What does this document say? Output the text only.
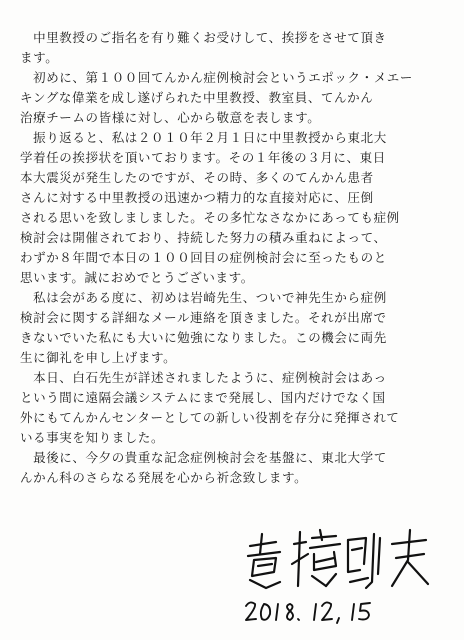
　中里教授のご指名を有り難くお受けして、挨拶をさせて頂き
ます。
　初めに、第１００回てんかん症例検討会というエポック・メエー
キングな偉業を成し遂げられた中里教授、教室員、てんかん
治療チームの皆様に対し、心から敬意を表します。
　振り返ると、私は２０１０年２月１日に中里教授から東北大
学着任の挨拶状を頂いております。その１年後の３月に、東日
本大震災が発生したのですが、その時、多くのてんかん患者
さんに対する中里教授の迅速かつ精力的な直接対応に、圧倒
される思いを致しましました。その多忙なさなかにあっても症例
検討会は開催されており、持続した努力の積み重ねによって、
わずか８年間で本日の１００回目の症例検討会に至ったものと
思います。誠におめでとうございます。
　私は会がある度に、初めは岩崎先生、ついで神先生から症例
検討会に関する詳細なメール連絡を頂きました。それが出席で
きないでいた私にも大いに勉強になりました。この機会に両先
生に御礼を申し上げます。
　本日、白石先生が詳述されましたように、症例検討会はあっ
という間に遠隔会議システムにまで発展し、国内だけでなく国
外にもてんかんセンターとしての新しい役割を存分に発揮されて
いる事実を知りました。
　最後に、今夕の貴重な記念症例検討会を基盤に、東北大学て
んかん科のさらなる発展を心から祈念致します。
